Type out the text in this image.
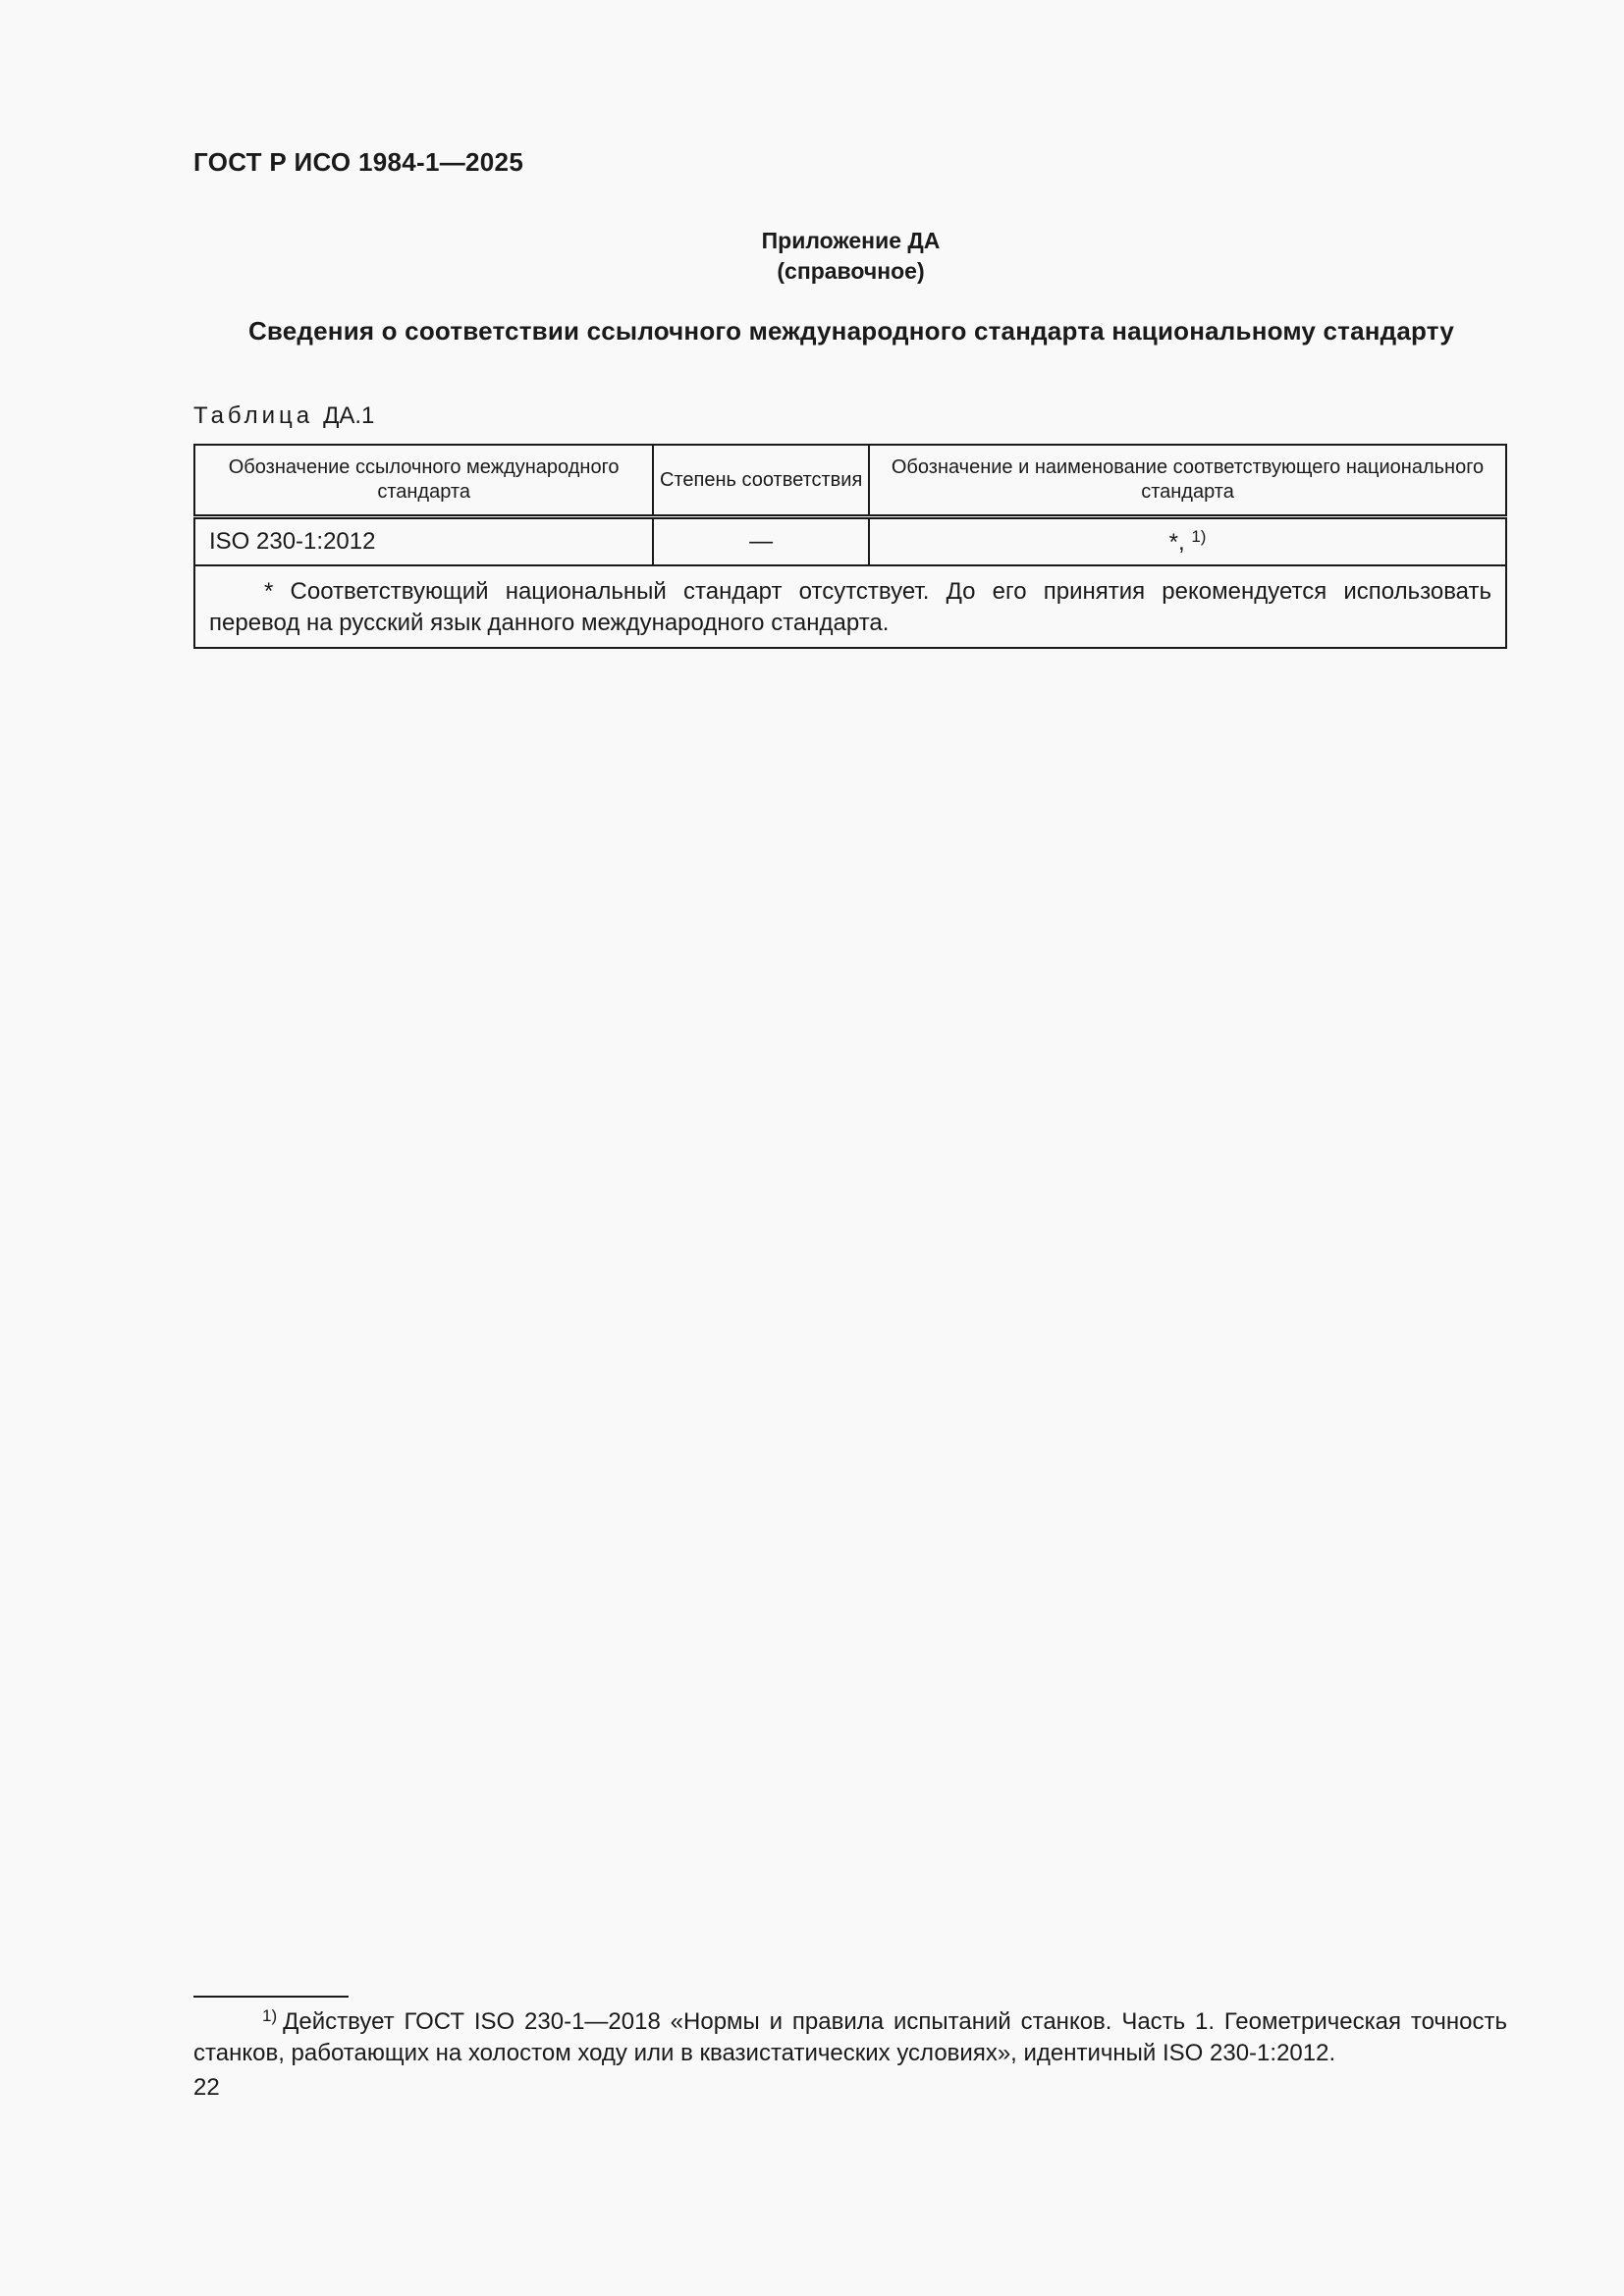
ГОСТ Р ИСО 1984-1—2025
Приложение ДА
(справочное)
Сведения о соответствии ссылочного международного стандарта национальному стандарту
Таблица ДА.1
Обозначение ссылочного международного стандарта	Степень соответствия	Обозначение и наименование соответствующего национального стандарта
ISO 230-1:2012	—	*, $^{1)}$
* Соответствующий национальный стандарт отсутствует. До его принятия рекомендуется использовать перевод на русский язык данного международного стандарта.		
$^{1)}$ Действует ГОСТ ISO 230-1—2018 «Нормы и правила испытаний станков. Часть 1. Геометрическая точность станков, работающих на холостом ходу или в квазистатических условиях», идентичный ISO 230-1:2012.
22
